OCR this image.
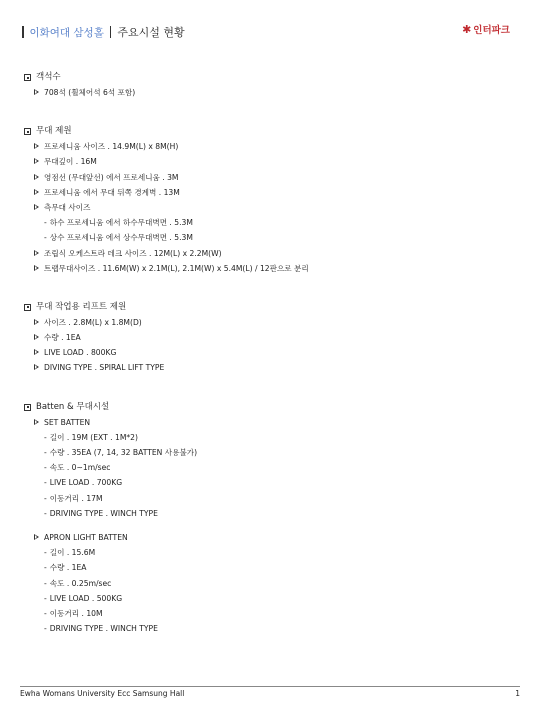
이화여대 삼성홀 주요시설 현황	✱ 인터파크
객석수
708석 (휠체어석 6석 포함)
무대 제원
프로세니움 사이즈 . 14.9M(L) x 8M(H)
무대깊이 . 16M
영점선 (무대앞선) 에서 프로세니움 . 3M
프로세니움 에서 무대 뒤쪽 경계벽 . 13M
측무대 사이즈
- 하수 프로세니움 에서 하수무대벽면 . 5.3M
- 상수 프로세니움 에서 상수무대벽면 . 5.3M
조립식 오케스트라 데크 사이즈 . 12M(L) x 2.2M(W)
트랩무대사이즈 . 11.6M(W) x 2.1M(L), 2.1M(W) x 5.4M(L) / 12판으로 분리
무대 작업용 리프트 제원
사이즈 . 2.8M(L) x 1.8M(D)
수량 . 1EA
LIVE LOAD . 800KG
DIVING TYPE . SPIRAL LIFT TYPE
Batten & 무대시설
SET BATTEN
- 길이 . 19M (EXT . 1M*2)
- 수량 . 35EA (7, 14, 32 BATTEN 사용불가)
- 속도 . 0~1m/sec
- LIVE LOAD . 700KG
- 이동거리 . 17M
- DRIVING TYPE . WINCH TYPE
APRON LIGHT BATTEN
- 길이 . 15.6M
- 수량 . 1EA
- 속도 . 0.25m/sec
- LIVE LOAD . 500KG
- 이동거리 . 10M
- DRIVING TYPE . WINCH TYPE
Ewha Womans University Ecc Samsung Hall	1
